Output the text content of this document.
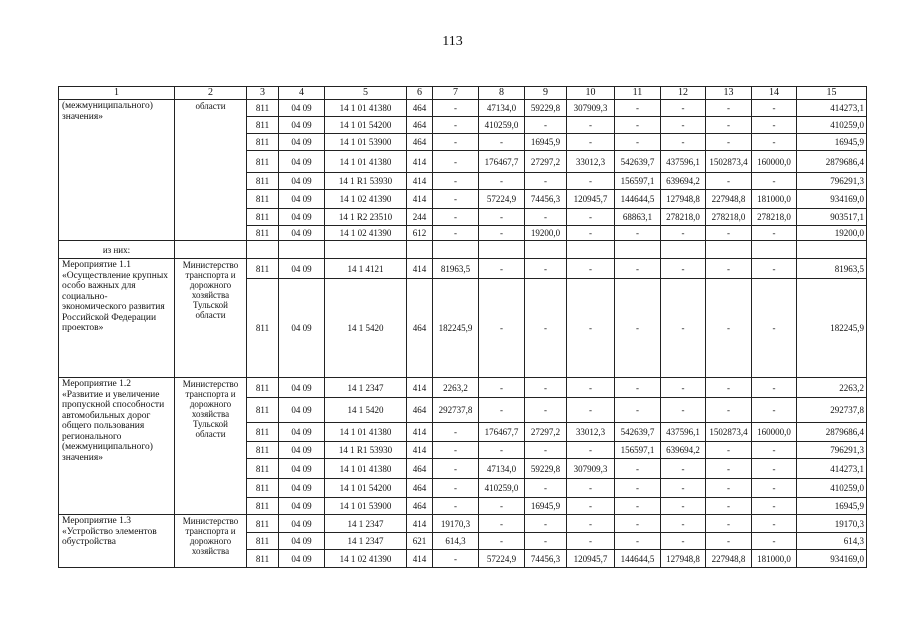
113
1	2	3	4	5	6	7	8	9	10	11	12	13	14	15
(межмуниципального) значения»	области	811	04 09	14 1 01 41380	464	-	47134,0	59229,8	307909,3	-	-	-	-	414273,1
		811	04 09	14 1 01 54200	464	-	410259,0	-	-	-	-	-	-	410259,0
		811	04 09	14 1 01 53900	464	-	-	16945,9	-	-	-	-	-	16945,9
		811	04 09	14 1 01 41380	414	-	176467,7	27297,2	33012,3	542639,7	437596,1	1502873,4	160000,0	2879686,4
		811	04 09	14 1 R1 53930	414	-	-	-	-	156597,1	639694,2	-	-	796291,3
		811	04 09	14 1 02 41390	414	-	57224,9	74456,3	120945,7	144644,5	127948,8	227948,8	181000,0	934169,0
		811	04 09	14 1 R2 23510	244	-	-	-	-	68863,1	278218,0	278218,0	278218,0	903517,1
		811	04 09	14 1 02 41390	612	-	-	19200,0	-	-	-	-	-	19200,0
из них:														
Мероприятие 1.1 «Осуществление крупных особо важных для социально-экономического развития Российской Федерации проектов»	Министерство транспорта и дорожного хозяйства Тульской области	811	04 09	14 1 4121	414	81963,5	-	-	-	-	-	-	-	81963,5
		811	04 09	14 1 5420	464	182245,9	-	-	-	-	-	-	-	182245,9
Мероприятие 1.2 «Развитие и увеличение пропускной способности автомобильных дорог общего пользования регионального (межмуниципального) значения»	Министерство транспорта и дорожного хозяйства Тульской области	811	04 09	14 1 2347	414	2263,2	-	-	-	-	-	-	-	2263,2
		811	04 09	14 1 5420	464	292737,8	-	-	-	-	-	-	-	292737,8
		811	04 09	14 1 01 41380	414	-	176467,7	27297,2	33012,3	542639,7	437596,1	1502873,4	160000,0	2879686,4
		811	04 09	14 1 R1 53930	414	-	-	-	-	156597,1	639694,2	-	-	796291,3
		811	04 09	14 1 01 41380	464	-	47134,0	59229,8	307909,3	-	-	-	-	414273,1
		811	04 09	14 1 01 54200	464	-	410259,0	-	-	-	-	-	-	410259,0
		811	04 09	14 1 01 53900	464	-	-	16945,9	-	-	-	-	-	16945,9
Мероприятие 1.3 «Устройство элементов обустройства	Министерство транспорта и дорожного хозяйства	811	04 09	14 1 2347	414	19170,3	-	-	-	-	-	-	-	19170,3
		811	04 09	14 1 2347	621	614,3	-	-	-	-	-	-	-	614,3
		811	04 09	14 1 02 41390	414	-	57224,9	74456,3	120945,7	144644,5	127948,8	227948,8	181000,0	934169,0
